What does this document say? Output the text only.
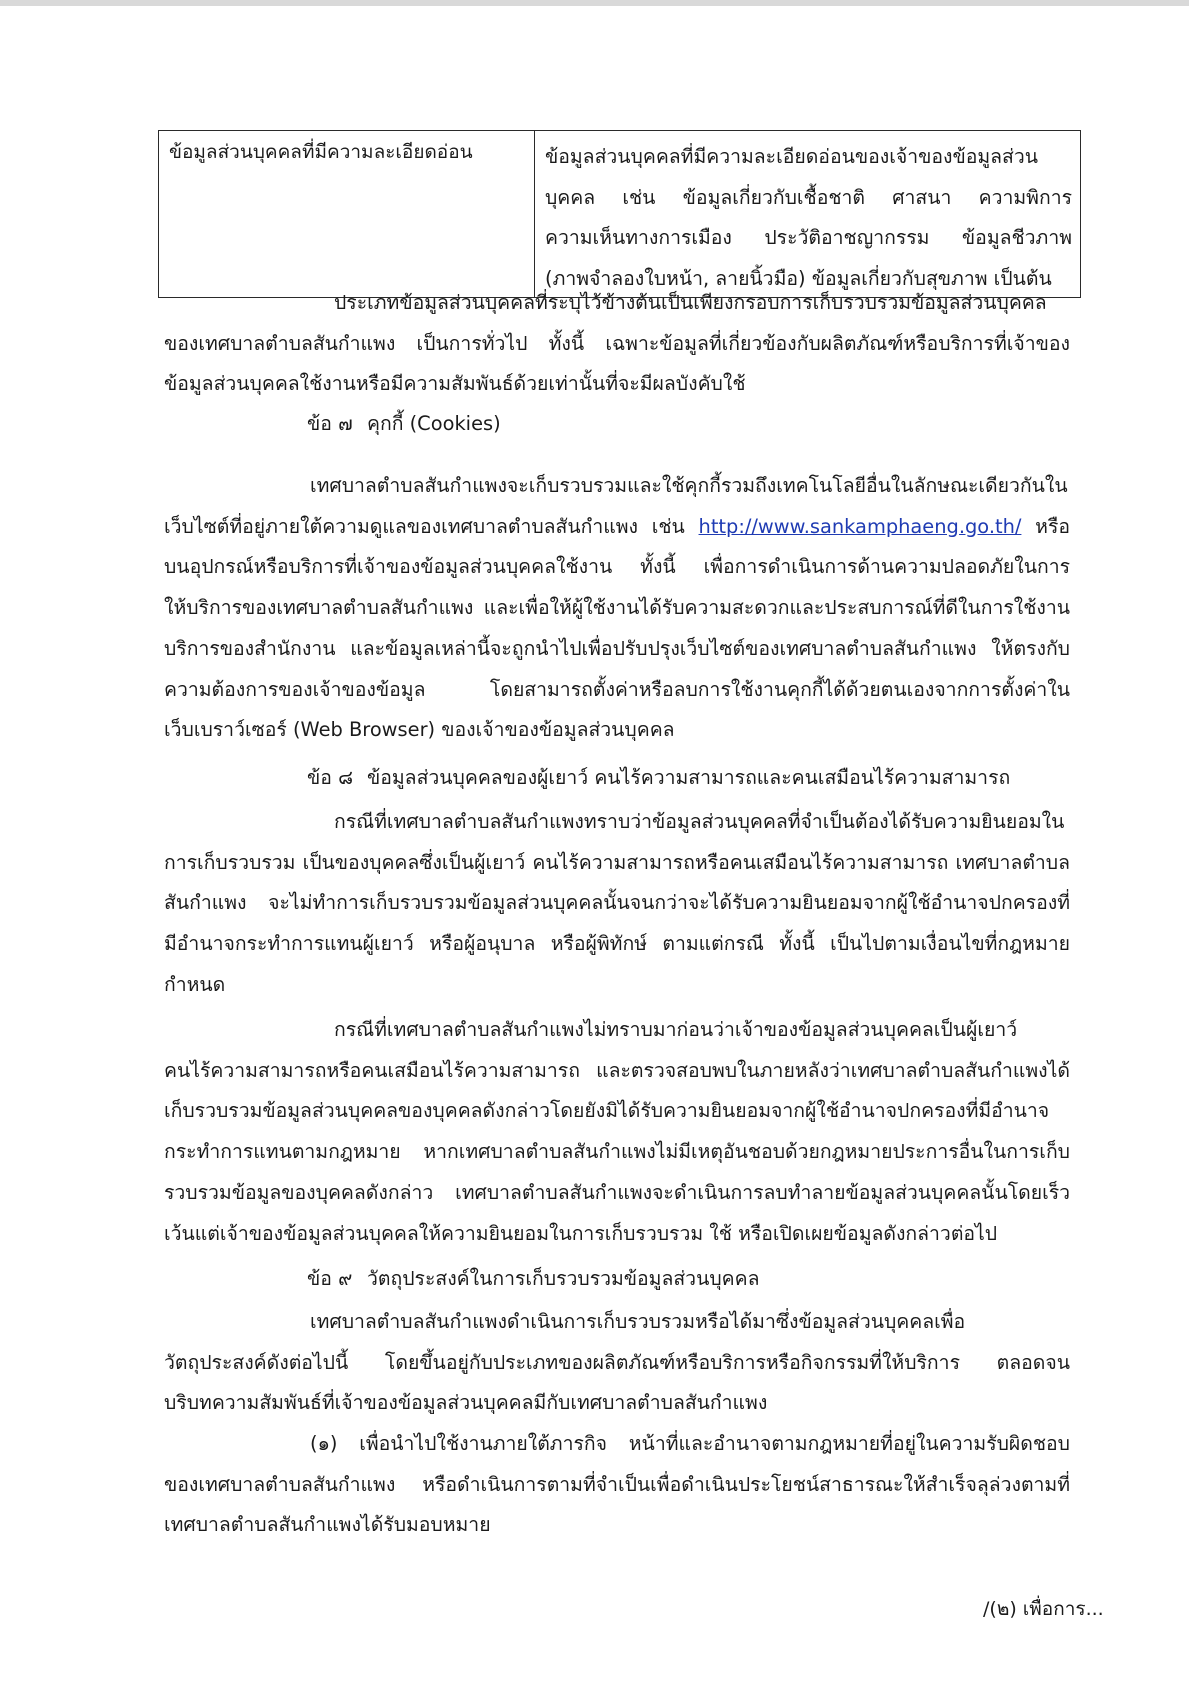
ข้อมูลส่วนบุคคลที่มีความละเอียดอ่อน	ข้อมูลส่วนบุคคลที่มีความละเอียดอ่อนของเจ้าของข้อมูลส่วน
บุคคล เช่น ข้อมูลเกี่ยวกับเชื้อชาติ ศาสนา ความพิการ
ความเห็นทางการเมือง ประวัติอาชญากรรม ข้อมูลชีวภาพ
(ภาพจำลองใบหน้า, ลายนิ้วมือ) ข้อมูลเกี่ยวกับสุขภาพ เป็นต้น
ประเภทข้อมูลส่วนบุคคลที่ระบุไว้ข้างต้นเป็นเพียงกรอบการเก็บรวบรวมข้อมูลส่วนบุคคล
ของเทศบาลตำบลสันกำแพง เป็นการทั่วไป ทั้งนี้ เฉพาะข้อมูลที่เกี่ยวข้องกับผลิตภัณฑ์หรือบริการที่เจ้าของ
ข้อมูลส่วนบุคคลใช้งานหรือมีความสัมพันธ์ด้วยเท่านั้นที่จะมีผลบังคับใช้
ข้อ ๗ คุกกี้ (Cookies)
เทศบาลตำบลสันกำแพงจะเก็บรวบรวมและใช้คุกกี้รวมถึงเทคโนโลยีอื่นในลักษณะเดียวกันใน
เว็บไซต์ที่อยู่ภายใต้ความดูแลของเทศบาลตำบลสันกำแพง เช่น http://www.sankamphaeng.go.th/ หรือ
บนอุปกรณ์หรือบริการที่เจ้าของข้อมูลส่วนบุคคลใช้งาน ทั้งนี้ เพื่อการดำเนินการด้านความปลอดภัยในการ
ให้บริการของเทศบาลตำบลสันกำแพง และเพื่อให้ผู้ใช้งานได้รับความสะดวกและประสบการณ์ที่ดีในการใช้งาน
บริการของสำนักงาน และข้อมูลเหล่านี้จะถูกนำไปเพื่อปรับปรุงเว็บไซต์ของเทศบาลตำบลสันกำแพง ให้ตรงกับ
ความต้องการของเจ้าของข้อมูล โดยสามารถตั้งค่าหรือลบการใช้งานคุกกี้ได้ด้วยตนเองจากการตั้งค่าใน
เว็บเบราว์เซอร์ (Web Browser) ของเจ้าของข้อมูลส่วนบุคคล
ข้อ ๘ ข้อมูลส่วนบุคคลของผู้เยาว์ คนไร้ความสามารถและคนเสมือนไร้ความสามารถ
กรณีที่เทศบาลตำบลสันกำแพงทราบว่าข้อมูลส่วนบุคคลที่จำเป็นต้องได้รับความยินยอมใน
การเก็บรวบรวม เป็นของบุคคลซึ่งเป็นผู้เยาว์ คนไร้ความสามารถหรือคนเสมือนไร้ความสามารถ เทศบาลตำบล
สันกำแพง จะไม่ทำการเก็บรวบรวมข้อมูลส่วนบุคคลนั้นจนกว่าจะได้รับความยินยอมจากผู้ใช้อำนาจปกครองที่
มีอำนาจกระทำการแทนผู้เยาว์ หรือผู้อนุบาล หรือผู้พิทักษ์ ตามแต่กรณี ทั้งนี้ เป็นไปตามเงื่อนไขที่กฎหมาย
กำหนด
กรณีที่เทศบาลตำบลสันกำแพงไม่ทราบมาก่อนว่าเจ้าของข้อมูลส่วนบุคคลเป็นผู้เยาว์
คนไร้ความสามารถหรือคนเสมือนไร้ความสามารถ และตรวจสอบพบในภายหลังว่าเทศบาลตำบลสันกำแพงได้
เก็บรวบรวมข้อมูลส่วนบุคคลของบุคคลดังกล่าวโดยยังมิได้รับความยินยอมจากผู้ใช้อำนาจปกครองที่มีอำนาจ
กระทำการแทนตามกฎหมาย หากเทศบาลตำบลสันกำแพงไม่มีเหตุอันชอบด้วยกฎหมายประการอื่นในการเก็บ
รวบรวมข้อมูลของบุคคลดังกล่าว เทศบาลตำบลสันกำแพงจะดำเนินการลบทำลายข้อมูลส่วนบุคคลนั้นโดยเร็ว
เว้นแต่เจ้าของข้อมูลส่วนบุคคลให้ความยินยอมในการเก็บรวบรวม ใช้ หรือเปิดเผยข้อมูลดังกล่าวต่อไป
ข้อ ๙ วัตถุประสงค์ในการเก็บรวบรวมข้อมูลส่วนบุคคล
เทศบาลตำบลสันกำแพงดำเนินการเก็บรวบรวมหรือได้มาซึ่งข้อมูลส่วนบุคคลเพื่อ
วัตถุประสงค์ดังต่อไปนี้ โดยขึ้นอยู่กับประเภทของผลิตภัณฑ์หรือบริการหรือกิจกรรมที่ให้บริการ ตลอดจน
บริบทความสัมพันธ์ที่เจ้าของข้อมูลส่วนบุคคลมีกับเทศบาลตำบลสันกำแพง
(๑) เพื่อนำไปใช้งานภายใต้ภารกิจ หน้าที่และอำนาจตามกฎหมายที่อยู่ในความรับผิดชอบ
ของเทศบาลตำบลสันกำแพง หรือดำเนินการตามที่จำเป็นเพื่อดำเนินประโยชน์สาธารณะให้สำเร็จลุล่วงตามที่
เทศบาลตำบลสันกำแพงได้รับมอบหมาย
/(๒) เพื่อการ...
